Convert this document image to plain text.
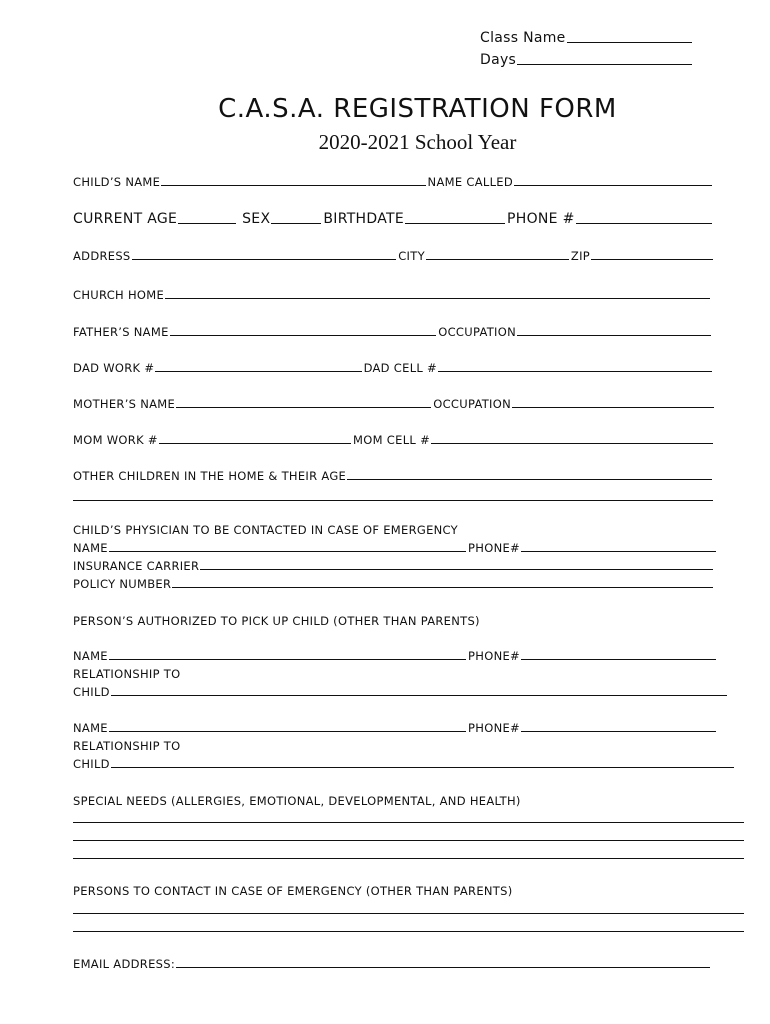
Class Name
Days
C.A.S.A. REGISTRATION FORM
2020-2021 School Year
CHILD’S NAME	NAME CALLED
CURRENT AGE	SEX	BIRTHDATE	PHONE #
ADDRESS	CITY	ZIP
CHURCH HOME
FATHER’S NAME	OCCUPATION
DAD WORK #	DAD CELL #
MOTHER’S NAME	OCCUPATION
MOM WORK #	MOM CELL #
OTHER CHILDREN IN THE HOME & THEIR AGE
CHILD’S PHYSICIAN TO BE CONTACTED IN CASE OF EMERGENCY
NAME	PHONE#
INSURANCE CARRIER
POLICY NUMBER
PERSON’S AUTHORIZED TO PICK UP CHILD (OTHER THAN PARENTS)
NAME	PHONE#
RELATIONSHIP TO
CHILD
NAME	PHONE#
RELATIONSHIP TO
CHILD
SPECIAL NEEDS (ALLERGIES, EMOTIONAL, DEVELOPMENTAL, AND HEALTH)
PERSONS TO CONTACT IN CASE OF EMERGENCY (OTHER THAN PARENTS)
EMAIL ADDRESS:
